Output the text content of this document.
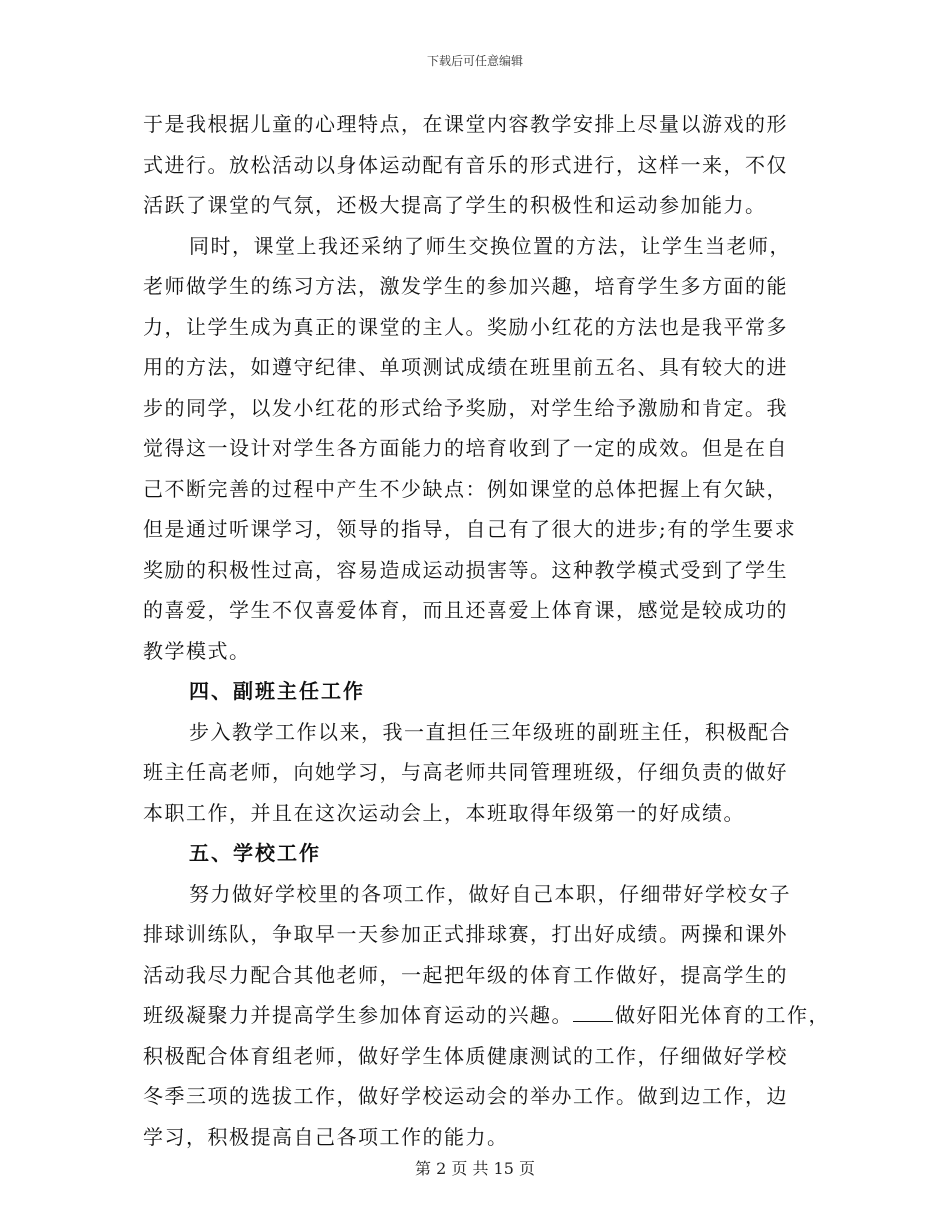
下载后可任意编辑
于是我根据儿童的心理特点，在课堂内容教学安排上尽量以游戏的形
式进行。放松活动以身体运动配有音乐的形式进行，这样一来，不仅
活跃了课堂的气氛，还极大提高了学生的积极性和运动参加能力。
同时，课堂上我还采纳了师生交换位置的方法，让学生当老师，
老师做学生的练习方法，激发学生的参加兴趣，培育学生多方面的能
力，让学生成为真正的课堂的主人。奖励小红花的方法也是我平常多
用的方法，如遵守纪律、单项测试成绩在班里前五名、具有较大的进
步的同学，以发小红花的形式给予奖励，对学生给予激励和肯定。我
觉得这一设计对学生各方面能力的培育收到了一定的成效。但是在自
己不断完善的过程中产生不少缺点：例如课堂的总体把握上有欠缺，
但是通过听课学习，领导的指导，自己有了很大的进步;有的学生要求
奖励的积极性过高，容易造成运动损害等。这种教学模式受到了学生
的喜爱，学生不仅喜爱体育，而且还喜爱上体育课，感觉是较成功的
教学模式。
四、副班主任工作
步入教学工作以来，我一直担任三年级班的副班主任，积极配合
班主任高老师，向她学习，与高老师共同管理班级，仔细负责的做好
本职工作，并且在这次运动会上，本班取得年级第一的好成绩。
五、学校工作
努力做好学校里的各项工作，做好自己本职，仔细带好学校女子
排球训练队，争取早一天参加正式排球赛，打出好成绩。两操和课外
活动我尽力配合其他老师，一起把年级的体育工作做好，提高学生的
班级凝聚力并提高学生参加体育运动的兴趣。 做好阳光体育的工作，
积极配合体育组老师，做好学生体质健康测试的工作，仔细做好学校
冬季三项的选拔工作，做好学校运动会的举办工作。做到边工作，边
学习，积极提高自己各项工作的能力。
第 2 页 共 15 页
